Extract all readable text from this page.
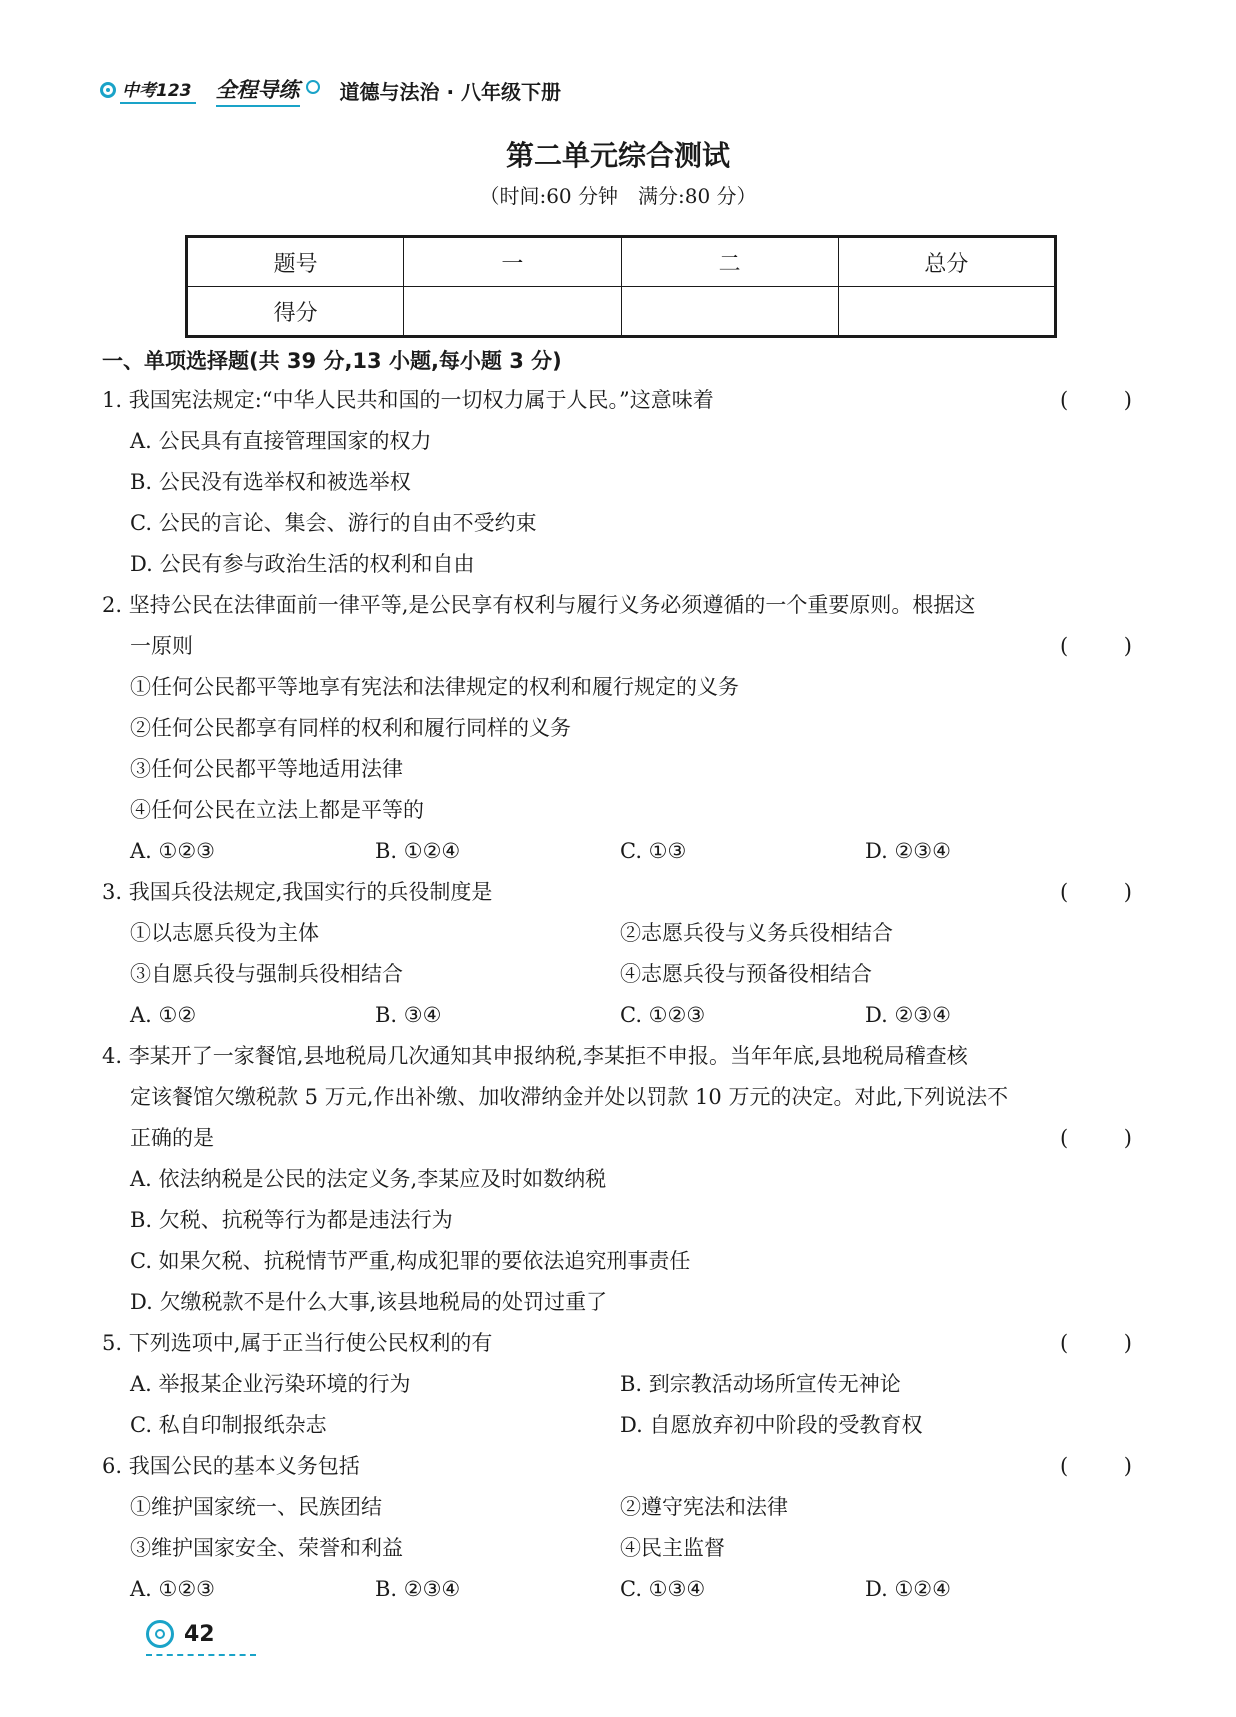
中考123 全程导练 道德与法治 · 八年级下册
第二单元综合测试
（时间:60 分钟　满分:80 分）
题号	一	二	总分
得分			
一、单项选择题(共 39 分,13 小题,每小题 3 分)
1. 我国宪法规定:“中华人民共和国的一切权力属于人民。”这意味着	(	)
A. 公民具有直接管理国家的权力
B. 公民没有选举权和被选举权
C. 公民的言论、集会、游行的自由不受约束
D. 公民有参与政治生活的权利和自由
2. 坚持公民在法律面前一律平等,是公民享有权利与履行义务必须遵循的一个重要原则。根据这
一原则	(	)
①任何公民都平等地享有宪法和法律规定的权利和履行规定的义务
②任何公民都享有同样的权利和履行同样的义务
③任何公民都平等地适用法律
④任何公民在立法上都是平等的
A. ①②③	B. ①②④	C. ①③	D. ②③④
3. 我国兵役法规定,我国实行的兵役制度是	(	)
①以志愿兵役为主体	②志愿兵役与义务兵役相结合
③自愿兵役与强制兵役相结合	④志愿兵役与预备役相结合
A. ①②	B. ③④	C. ①②③	D. ②③④
4. 李某开了一家餐馆,县地税局几次通知其申报纳税,李某拒不申报。当年年底,县地税局稽查核
定该餐馆欠缴税款 5 万元,作出补缴、加收滞纳金并处以罚款 10 万元的决定。对此,下列说法不
正确的是	(	)
A. 依法纳税是公民的法定义务,李某应及时如数纳税
B. 欠税、抗税等行为都是违法行为
C. 如果欠税、抗税情节严重,构成犯罪的要依法追究刑事责任
D. 欠缴税款不是什么大事,该县地税局的处罚过重了
5. 下列选项中,属于正当行使公民权利的有	(	)
A. 举报某企业污染环境的行为	B. 到宗教活动场所宣传无神论
C. 私自印制报纸杂志	D. 自愿放弃初中阶段的受教育权
6. 我国公民的基本义务包括	(	)
①维护国家统一、民族团结	②遵守宪法和法律
③维护国家安全、荣誉和利益	④民主监督
A. ①②③	B. ②③④	C. ①③④	D. ①②④
42
